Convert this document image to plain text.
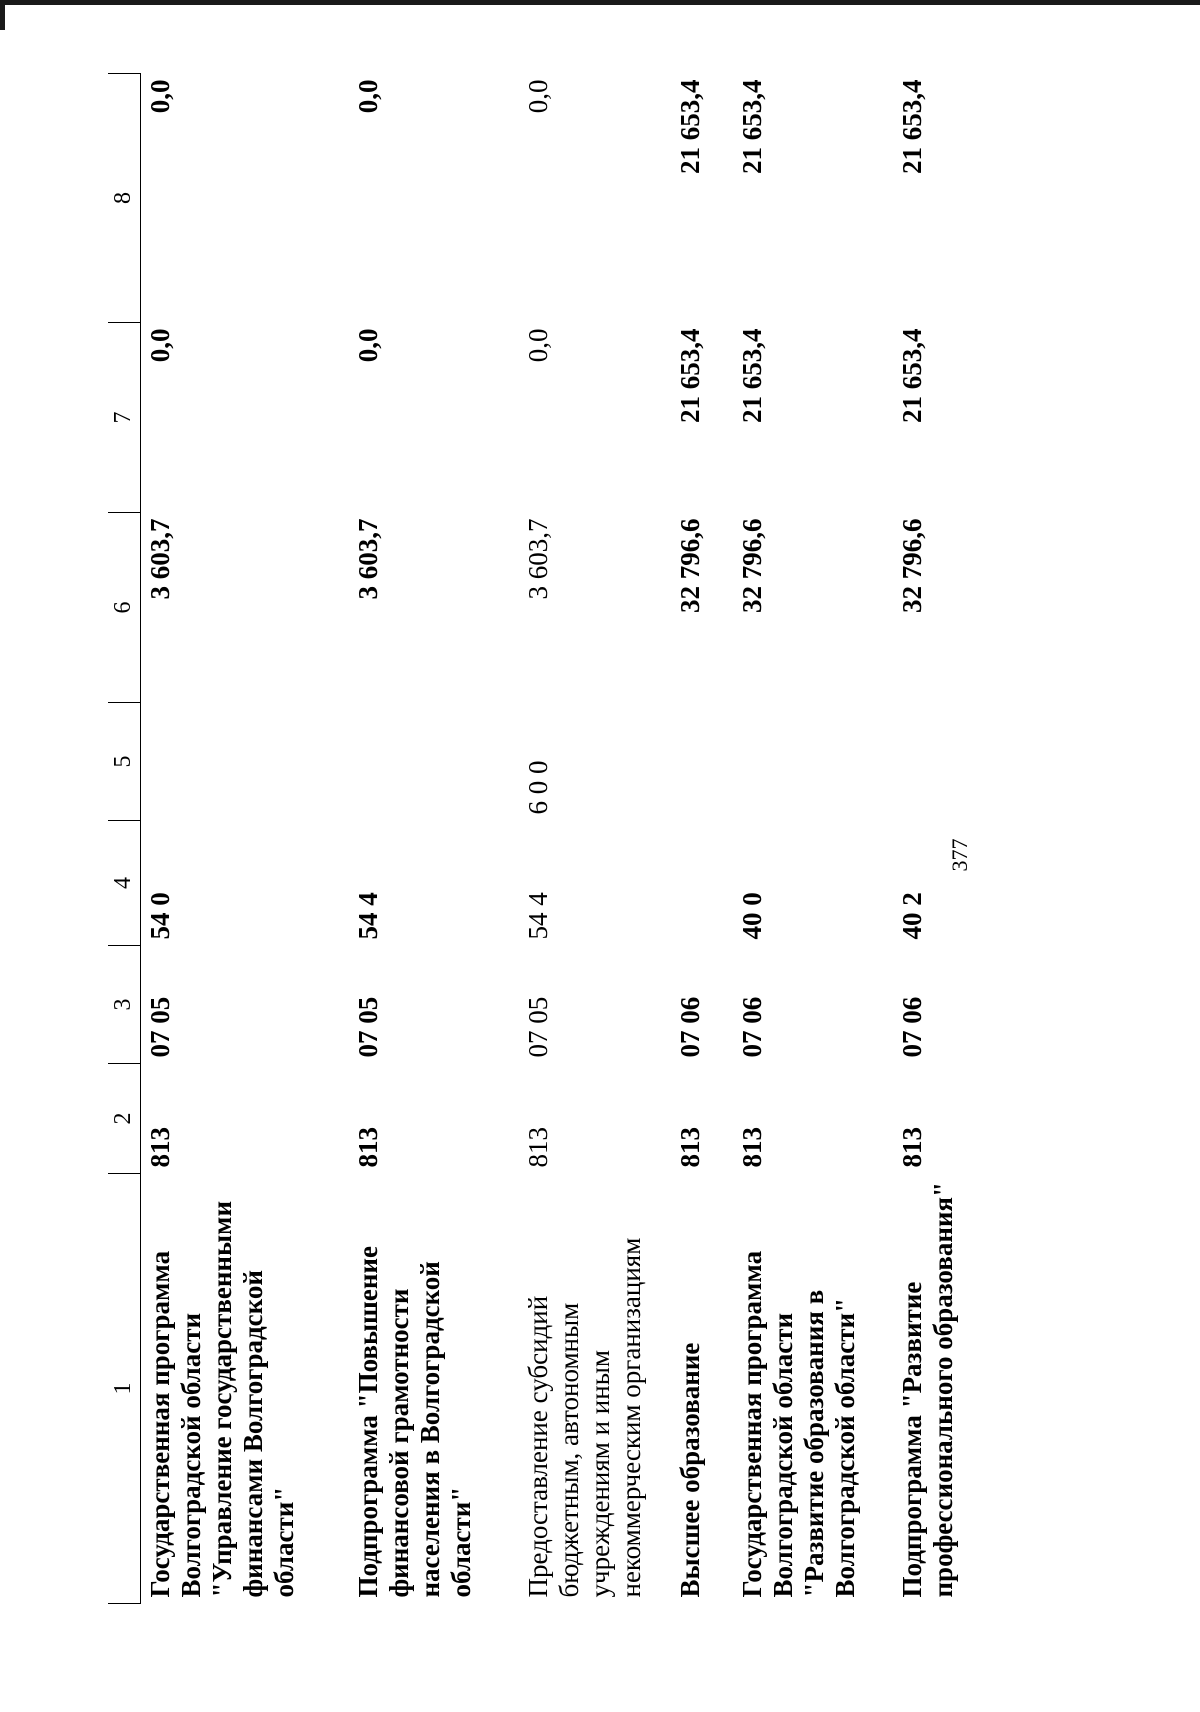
377
1	2	3	4	5	6	7	8
Государственная программа Волгоградской области "Управление государственными финансами Волгоградской области"	813	07 05	54 0		3 603,7	0,0	0,0
Подпрограмма "Повышение финансовой грамотности населения в Волгоградской области"	813	07 05	54 4		3 603,7	0,0	0,0
Предоставление субсидий бюджетным, автономным учреждениям и иным некоммерческим организациям	813	07 05	54 4	6 0 0	3 603,7	0,0	0,0
Высшее образование	813	07 06			32 796,6	21 653,4	21 653,4
Государственная программа Волгоградской области "Развитие образования в Волгоградской области"	813	07 06	40 0		32 796,6	21 653,4	21 653,4
Подпрограмма "Развитие профессионального образования"	813	07 06	40 2		32 796,6	21 653,4	21 653,4
